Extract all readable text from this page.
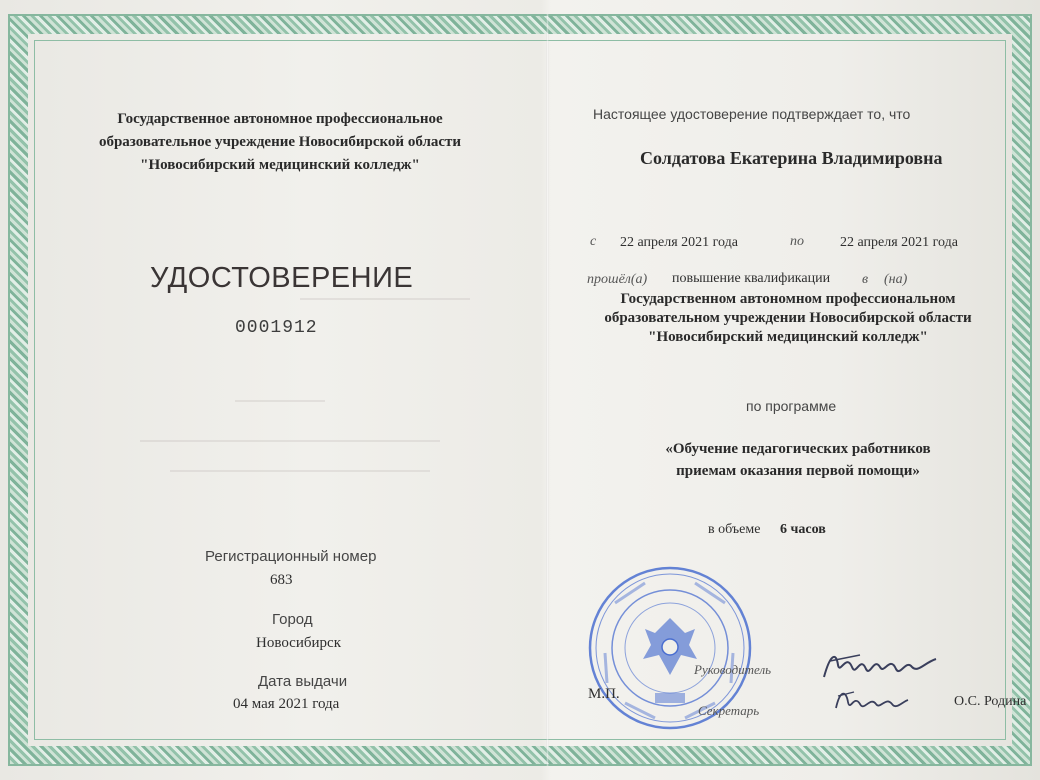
Государственное автономное профессиональное
образовательное учреждение Новосибирской области
"Новосибирский медицинский колледж"
УДОСТОВЕРЕНИЕ
0001912
Регистрационный номер
683
Город
Новосибирск
Дата выдачи
04 мая 2021 года
Настоящее удостоверение подтверждает то, что
Солдатова Екатерина Владимировна
с 22 апреля 2021 года	по	22 апреля 2021 года
прошёл(а) повышение квалификации в (на)
Государственном автономном профессиональном
образовательном учреждении Новосибирской области
"Новосибирский медицинский колледж"
по программе
«Обучение педагогических работников
приемам оказания первой помощи»
в объеме 6 часов
М.П.
Руководитель
Секретарь
О.С. Родина
